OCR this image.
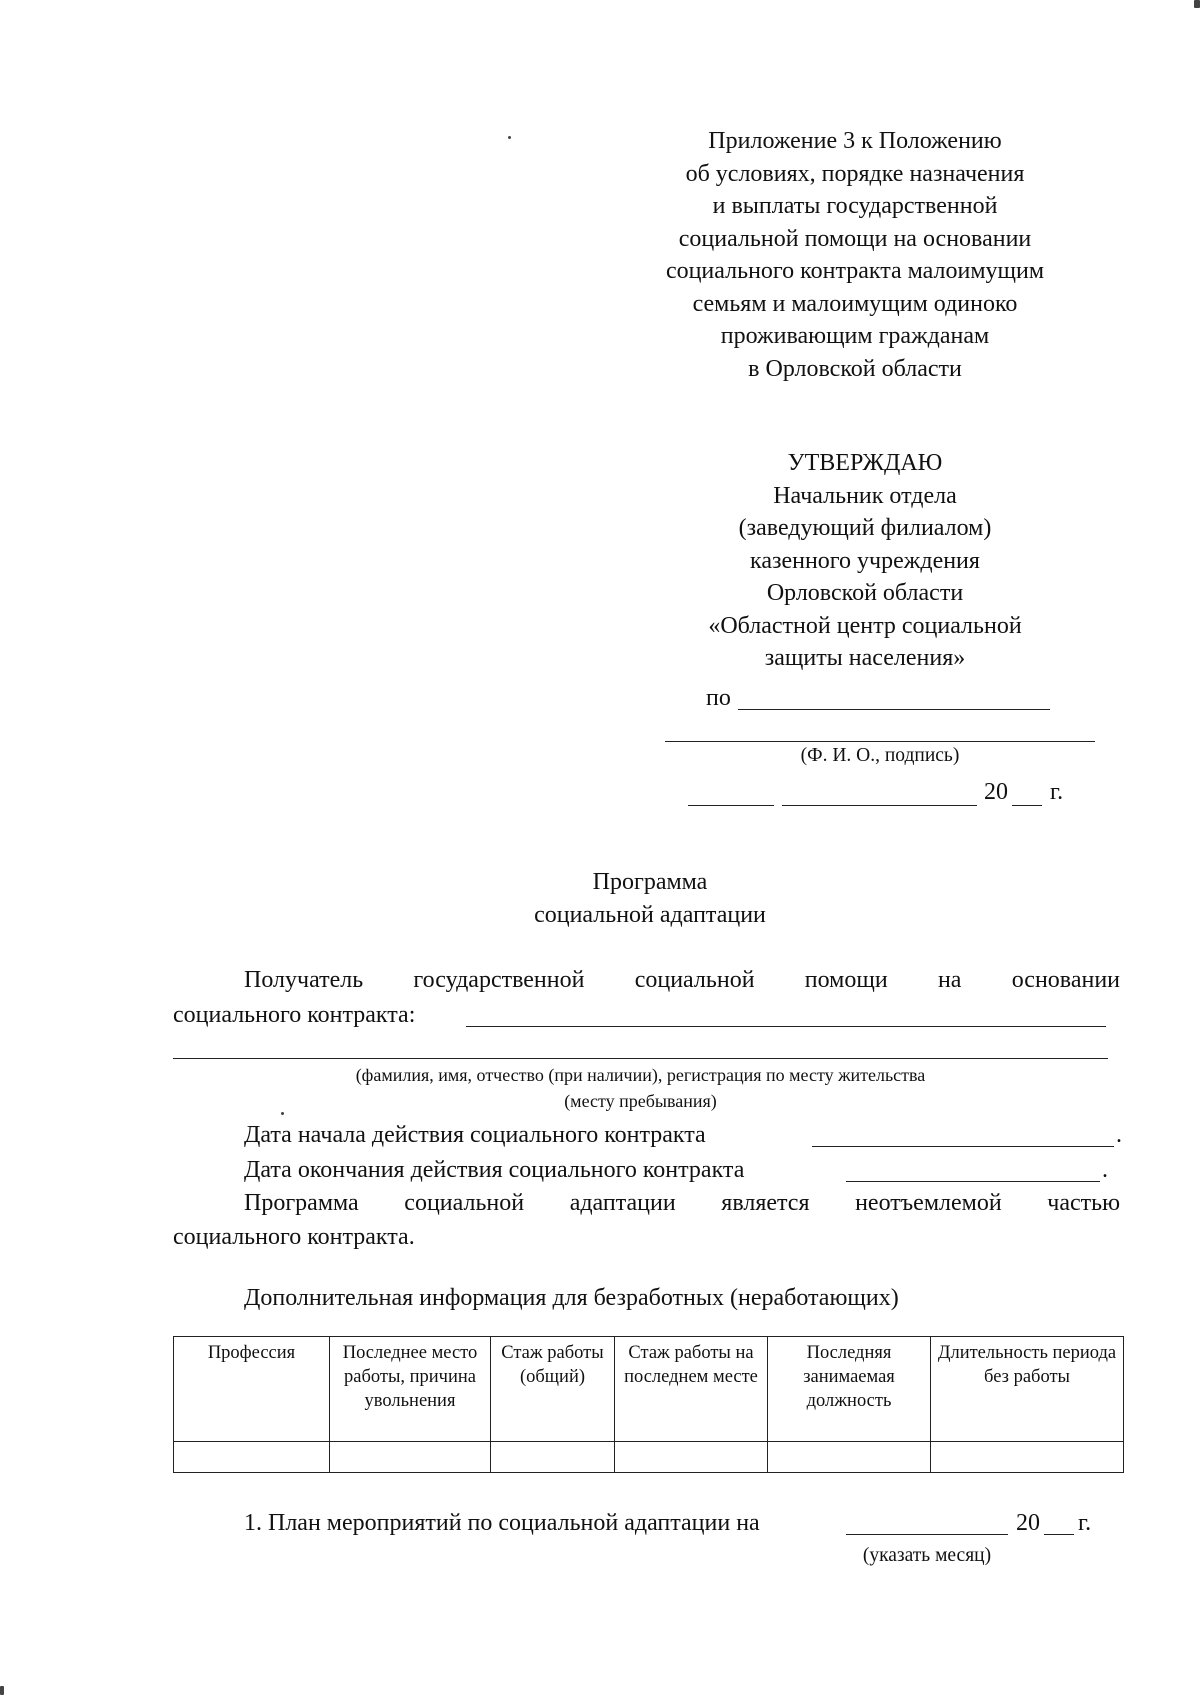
Приложение 3 к Положению
об условиях, порядке назначения
и выплаты государственной
социальной помощи на основании
социального контракта малоимущим
семьям и малоимущим одиноко
проживающим гражданам
в Орловской области
УТВЕРЖДАЮ
Начальник отдела
(заведующий филиалом)
казенного учреждения
Орловской области
«Областной центр социальной
защиты населения»
по
(Ф. И. О., подпись)
20 г.
Программа
социальной адаптации
Получатель государственной социальной помощи на основании
социального контракта:
(фамилия, имя, отчество (при наличии), регистрация по месту жительства
(месту пребывания)
Дата начала действия социального контракта	.
Дата окончания действия социального контракта	.
Программа социальной адаптации является неотъемлемой частью
социального контракта.
Дополнительная информация для безработных (неработающих)
Профессия	Последнее место работы, причина увольнения	Стаж работы (общий)	Стаж работы на последнем месте	Последняя занимаемая должность	Длительность периода без работы

1. План мероприятий по социальной адаптации на	20 г.
(указать месяц)
